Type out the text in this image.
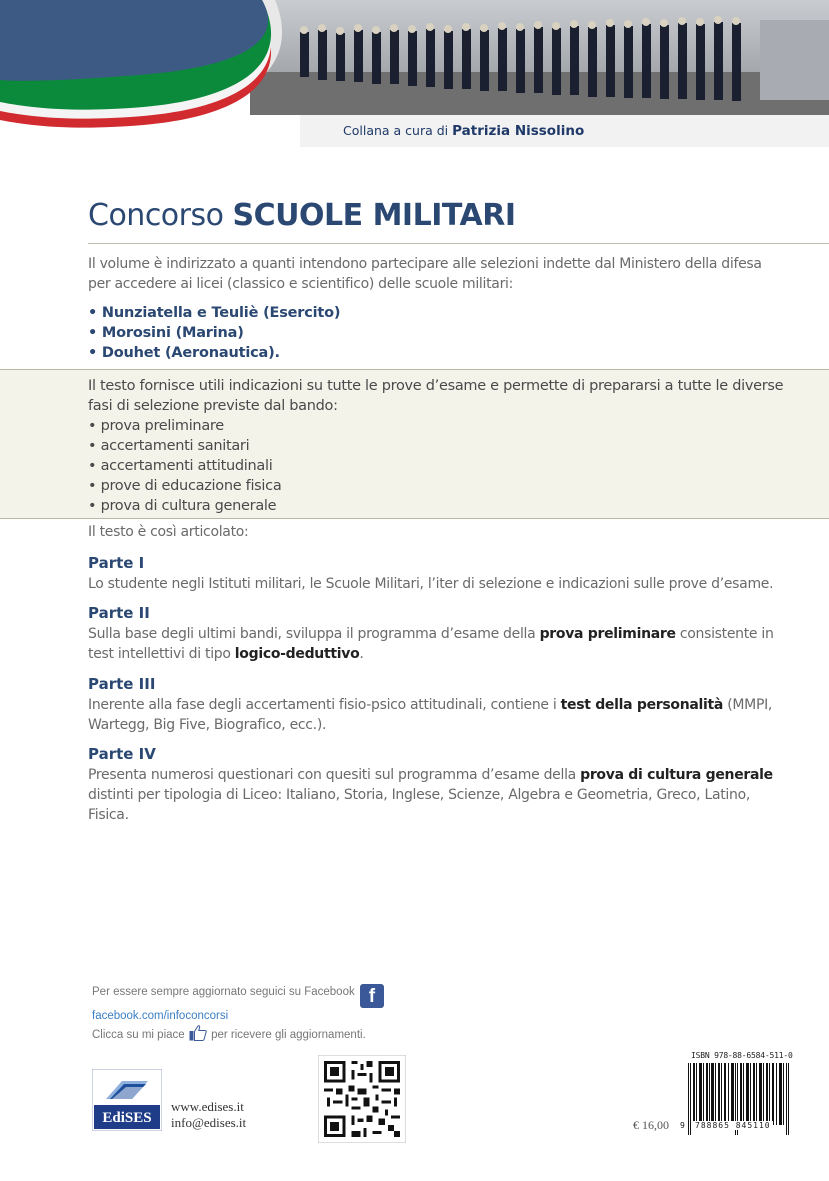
Collana a cura di Patrizia Nissolino
Concorso SCUOLE MILITARI
Il volume è indirizzato a quanti intendono partecipare alle selezioni indette dal Ministero della difesa per accedere ai licei (classico e scientifico) delle scuole militari:
• Nunziatella e Teuliè (Esercito)
• Morosini (Marina)
• Douhet (Aeronautica).
Il testo fornisce utili indicazioni su tutte le prove d’esame e permette di prepararsi a tutte le diverse fasi di selezione previste dal bando:
• prova preliminare
• accertamenti sanitari
• accertamenti attitudinali
• prove di educazione fisica
• prova di cultura generale
Il testo è così articolato:
Parte I
Lo studente negli Istituti militari, le Scuole Militari, l’iter di selezione e indicazioni sulle prove d’esame.
Parte II
Sulla base degli ultimi bandi, sviluppa il programma d’esame della prova preliminare consistente in test intellettivi di tipo logico-deduttivo.
Parte III
Inerente alla fase degli accertamenti fisio-psico attitudinali, contiene i test della personalità (MMPI, Wartegg, Big Five, Biografico, ecc.).
Parte IV
Presenta numerosi questionari con quesiti sul programma d’esame della prova di cultura generale distinti per tipologia di Liceo: Italiano, Storia, Inglese, Scienze, Algebra e Geometria, Greco, Latino, Fisica.
Per essere sempre aggiornato seguici su Facebook f
facebook.com/infoconcorsi
Clicca su mi piace per ricevere gli aggiornamenti.
EdiSES
www.edises.it
info@edises.it	€ 16,00
ISBN 978-88-6584-511-0
9 788865 845110
